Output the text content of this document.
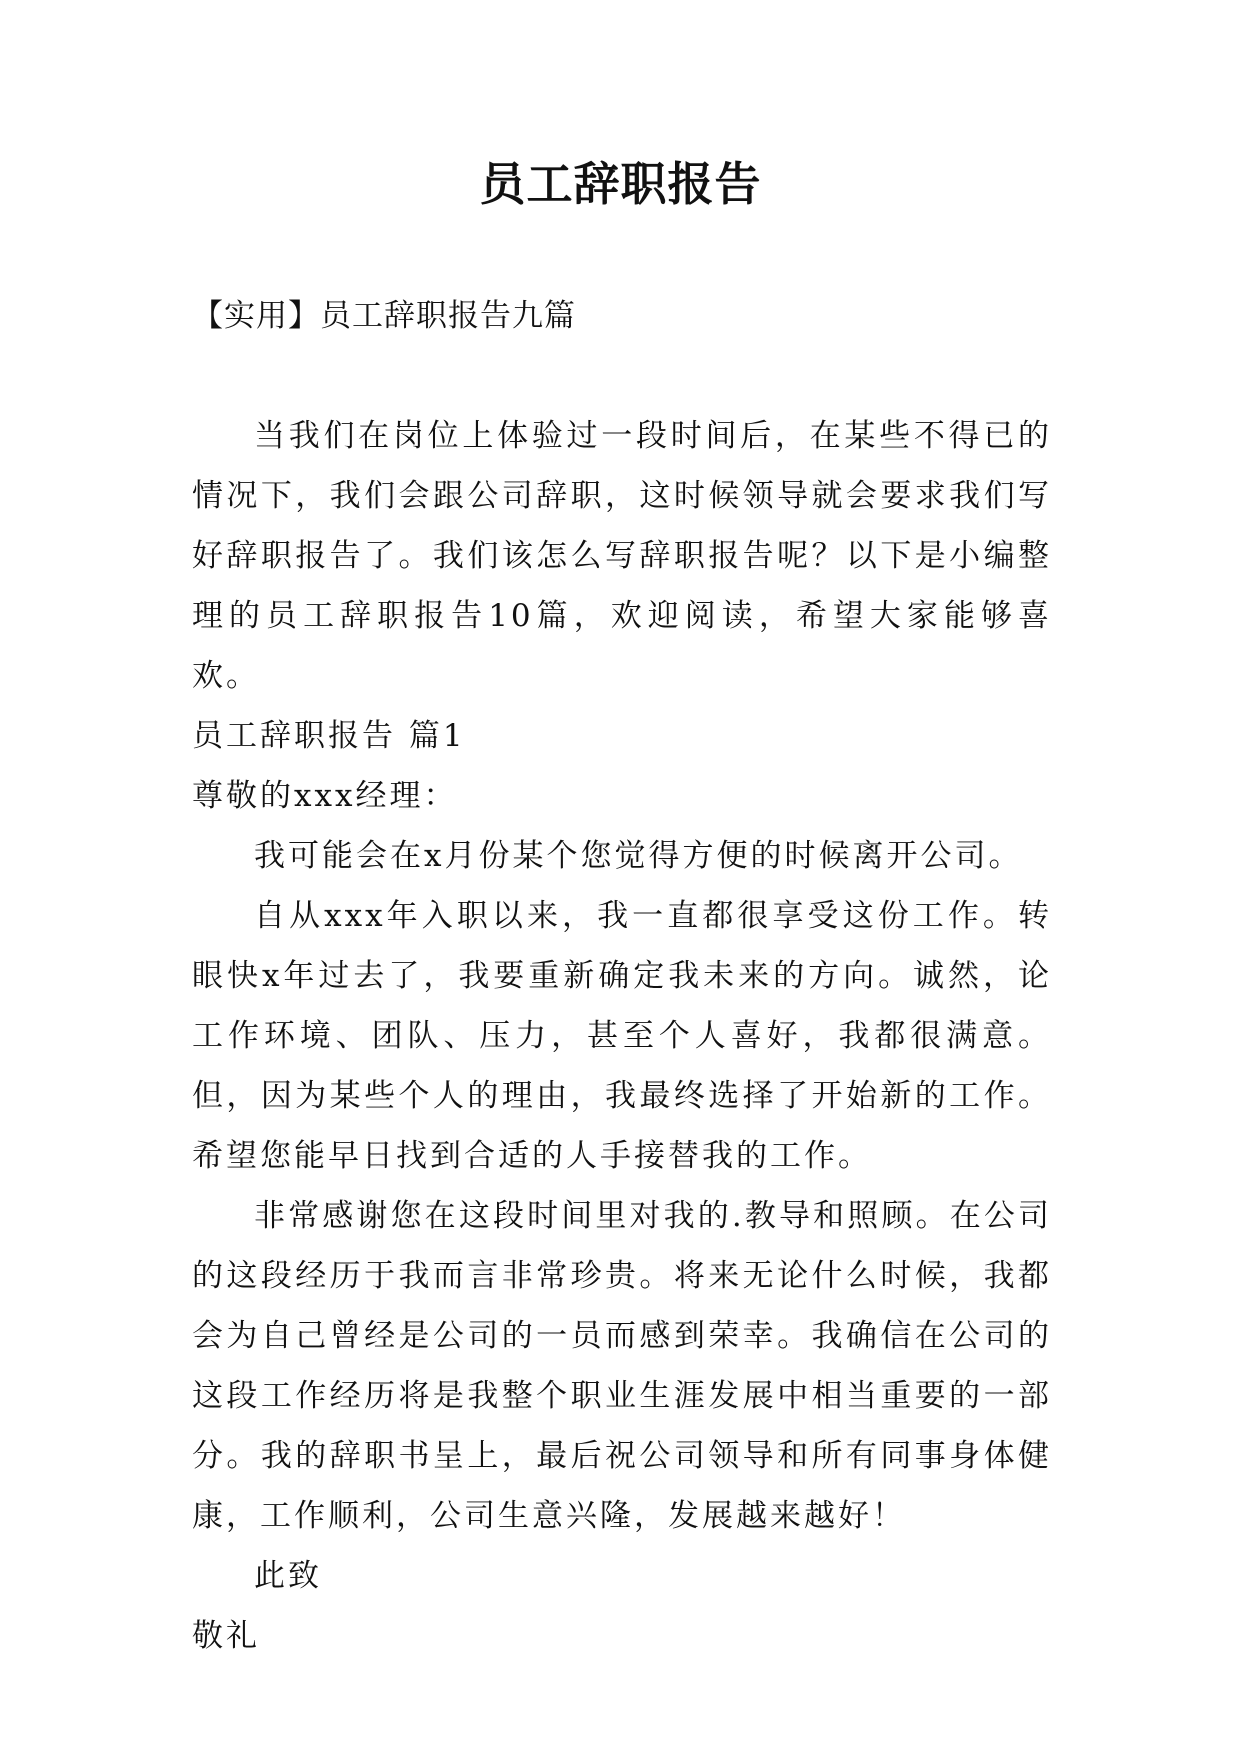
员工辞职报告

【实用】员工辞职报告九篇

当我们在岗位上体验过一段时间后，在某些不得已的情况下，我们会跟公司辞职，这时候领导就会要求我们写好辞职报告了。我们该怎么写辞职报告呢？以下是小编整理的员工辞职报告10篇，欢迎阅读，希望大家能够喜欢。

员工辞职报告 篇1

尊敬的xxx经理：

我可能会在x月份某个您觉得方便的时候离开公司。

自从xxx年入职以来，我一直都很享受这份工作。转眼快x年过去了，我要重新确定我未来的方向。诚然，论工作环境、团队、压力，甚至个人喜好，我都很满意。但，因为某些个人的理由，我最终选择了开始新的工作。希望您能早日找到合适的人手接替我的工作。

非常感谢您在这段时间里对我的.教导和照顾。在公司的这段经历于我而言非常珍贵。将来无论什么时候，我都会为自己曾经是公司的一员而感到荣幸。我确信在公司的这段工作经历将是我整个职业生涯发展中相当重要的一部分。我的辞职书呈上，最后祝公司领导和所有同事身体健康，工作顺利，公司生意兴隆，发展越来越好！

此致

敬礼
